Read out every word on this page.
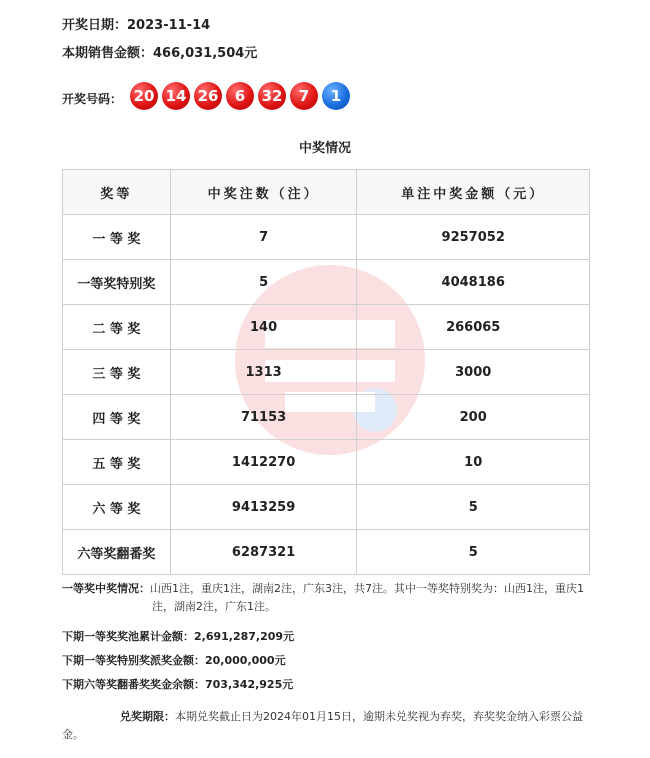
开奖日期：2023-11-14
本期销售金额：466,031,504元
开奖号码： 20 14 26	6	32	7	1
中奖情况
奖等	中奖注数（注）	单注中奖金额（元）
一 等 奖	7	9257052
一等奖特别奖	5	4048186
二 等 奖	140	266065
三 等 奖	1313	3000
四 等 奖	71153	200
五 等 奖	1412270	10
六 等 奖	9413259	5
六等奖翻番奖	6287321	5
一等奖中奖情况：山西1注，重庆1注，湖南2注，广东3注，共7注。其中一等奖特别奖为：山西1注，重庆1注，湖南2注，广东1注。
下期一等奖奖池累计金额：2,691,287,209元
下期一等奖特别奖派奖金额：20,000,000元
下期六等奖翻番奖奖金余额：703,342,925元
兑奖期限：本期兑奖截止日为2024年01月15日，逾期未兑奖视为弃奖，弃奖奖金纳入彩票公益金。
